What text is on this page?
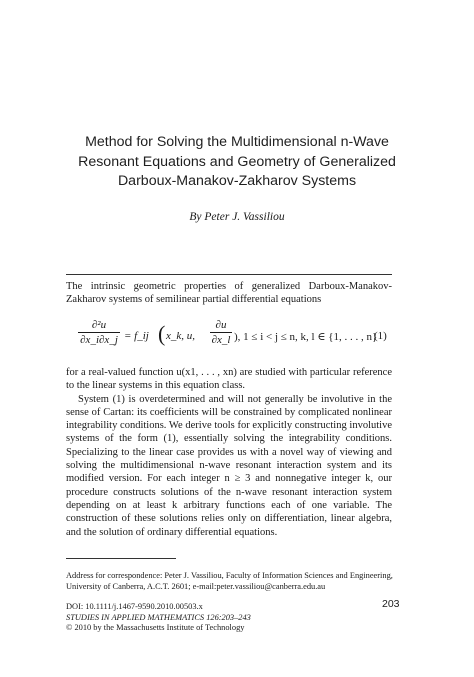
Method for Solving the Multidimensional n-Wave
Resonant Equations and Geometry of Generalized
Darboux-Manakov-Zakharov Systems
By Peter J. Vassiliou

The intrinsic geometric properties of generalized Darboux-Manakov-Zakharov systems of semilinear partial differential equations

∂²u
∂x_i∂x_j = f_ij ( x_k, u,
∂u
∂x_l ), 1 ≤ i < j ≤ n, k, l ∈ {1, . . . , n}
(1)

for a real-valued function u(x1, . . . , xn) are studied with particular reference to the linear systems in this equation class.

System (1) is overdetermined and will not generally be involutive in the sense of Cartan: its coefficients will be constrained by complicated nonlinear integrability conditions. We derive tools for explicitly constructing involutive systems of the form (1), essentially solving the integrability conditions. Specializing to the linear case provides us with a novel way of viewing and solving the multidimensional n-wave resonant interaction system and its modified version. For each integer n ≥ 3 and nonnegative integer k, our procedure constructs solutions of the n-wave resonant interaction system depending on at least k arbitrary functions each of one variable. The construction of these solutions relies only on differentiation, linear algebra, and the solution of ordinary differential equations.

Address for correspondence: Peter J. Vassiliou, Faculty of Information Sciences and Engineering, University of Canberra, A.C.T. 2601; e-mail:peter.vassiliou@canberra.edu.au
DOI: 10.1111/j.1467-9590.2010.00503.x
STUDIES IN APPLIED MATHEMATICS 126:203–243
© 2010 by the Massachusetts Institute of Technology
203
